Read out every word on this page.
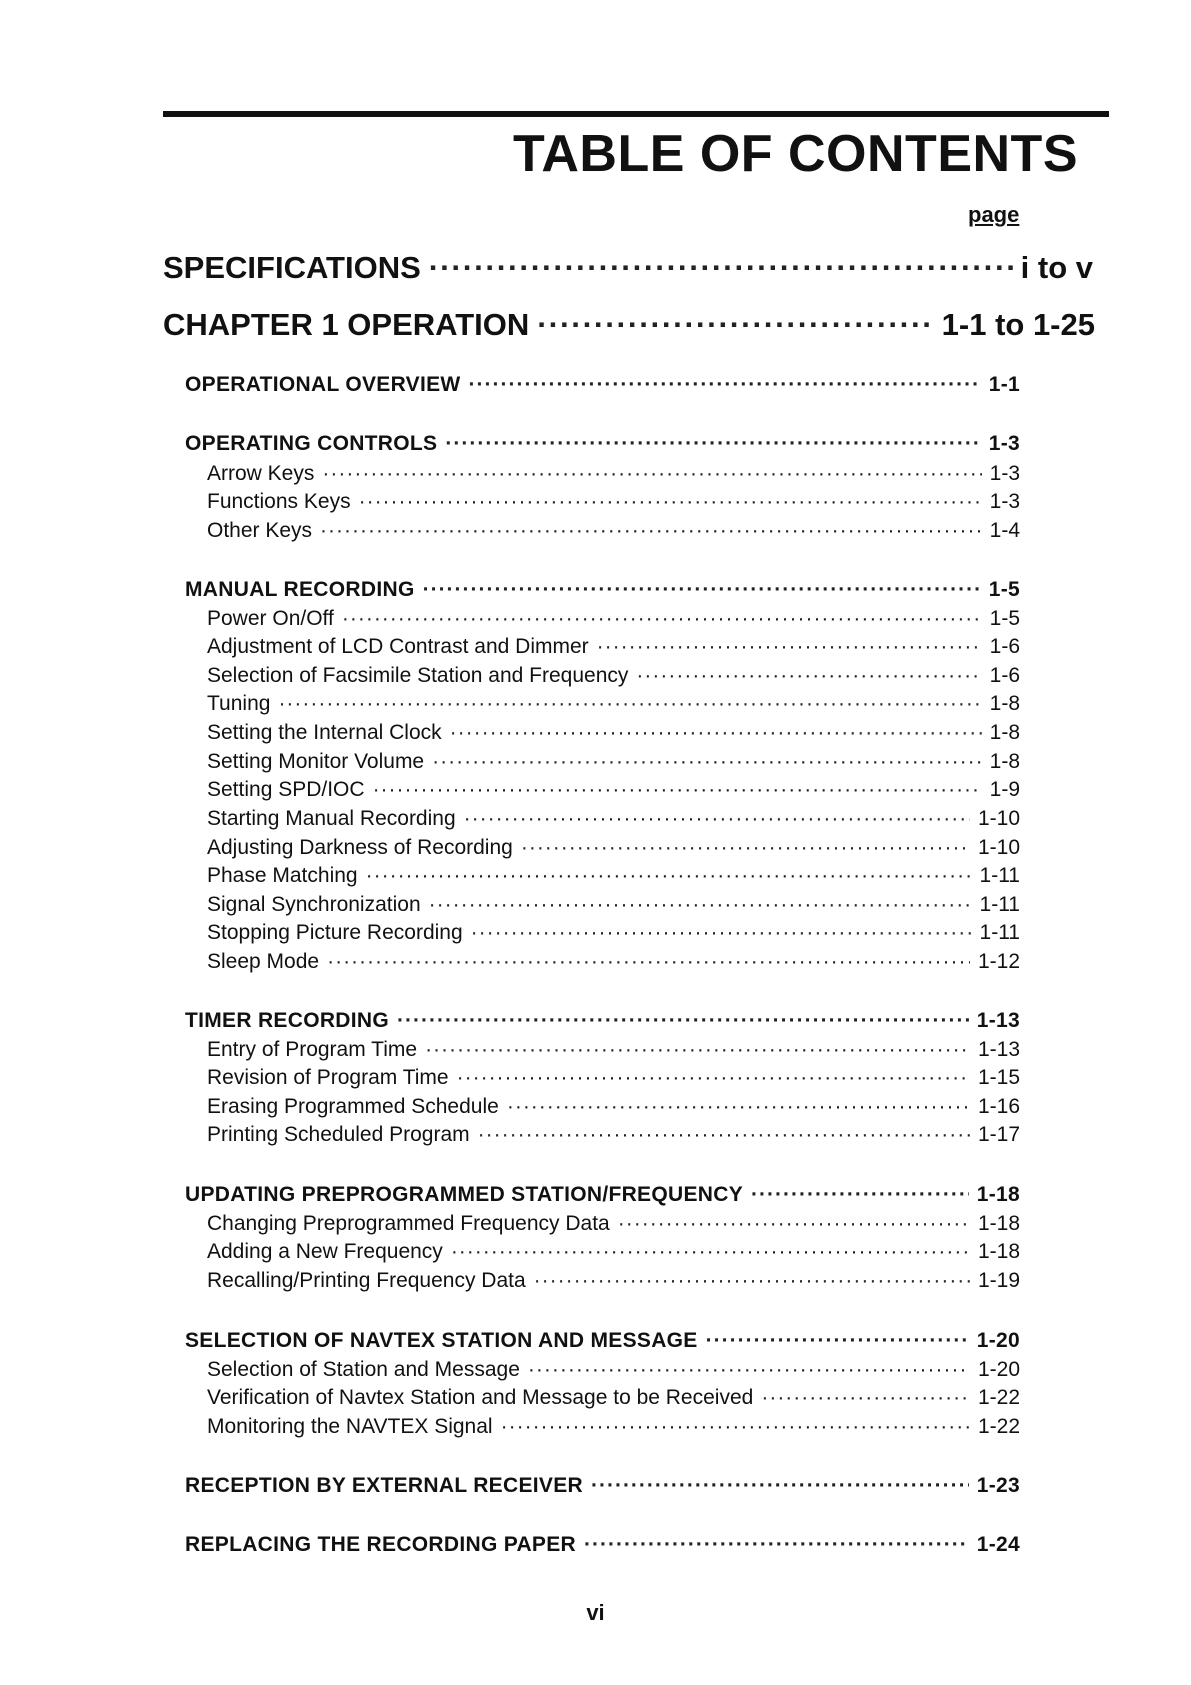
TABLE OF CONTENTS
page
SPECIFICATIONS ·····	i to v
CHAPTER 1 OPERATION ·····	1-1 to 1-25
OPERATIONAL OVERVIEW ·····	1-1
OPERATING CONTROLS ·····	1-3
Arrow Keys ·····	1-3
Functions Keys ·····	1-3
Other Keys ·····	1-4
MANUAL RECORDING ·····	1-5
Power On/Off ·····	1-5
Adjustment of LCD Contrast and Dimmer ·····	1-6
Selection of Facsimile Station and Frequency ·····	1-6
Tuning ·····	1-8
Setting the Internal Clock ·····	1-8
Setting Monitor Volume ·····	1-8
Setting SPD/IOC ·····	1-9
Starting Manual Recording ·····	1-10
Adjusting Darkness of Recording ·····	1-10
Phase Matching ·····	1-11
Signal Synchronization ·····	1-11
Stopping Picture Recording ·····	1-11
Sleep Mode ·····	1-12
TIMER RECORDING ·····	1-13
Entry of Program Time ·····	1-13
Revision of Program Time ·····	1-15
Erasing Programmed Schedule ·····	1-16
Printing Scheduled Program ·····	1-17
UPDATING PREPROGRAMMED STATION/FREQUENCY ·····	1-18
Changing Preprogrammed Frequency Data ·····	1-18
Adding a New Frequency ·····	1-18
Recalling/Printing Frequency Data ·····	1-19
SELECTION OF NAVTEX STATION AND MESSAGE ·····	1-20
Selection of Station and Message ·····	1-20
Verification of Navtex Station and Message to be Received ·····	1-22
Monitoring the NAVTEX Signal ·····	1-22
RECEPTION BY EXTERNAL RECEIVER ·····	1-23
REPLACING THE RECORDING PAPER ·····	1-24
vi
